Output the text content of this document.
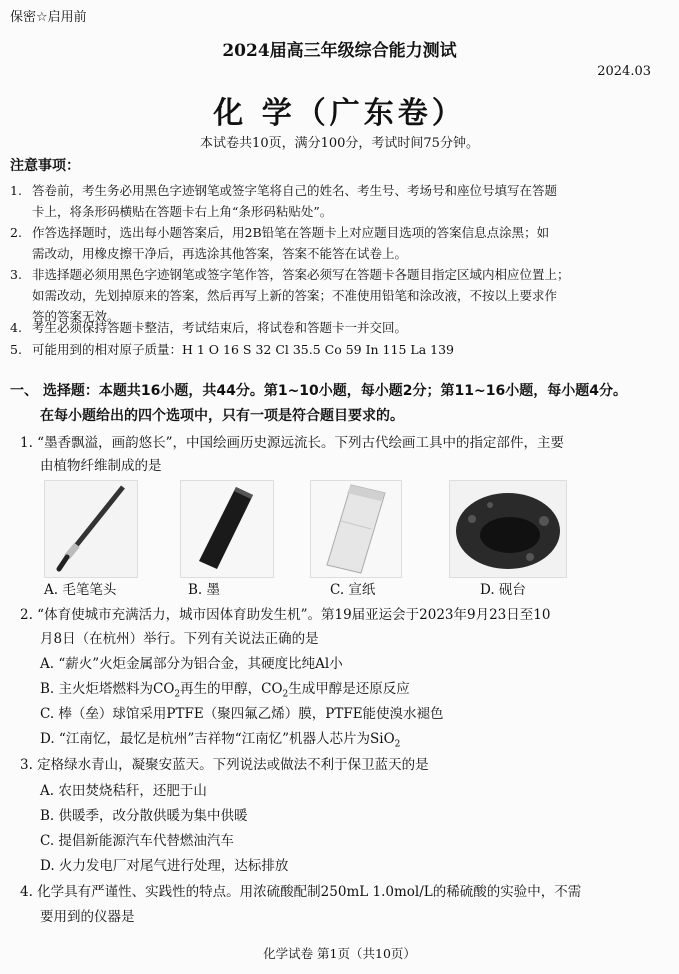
保密☆启用前
2024届高三年级综合能力测试
2024.03
化 学（广东卷）
本试卷共10页，满分100分，考试时间75分钟。
注意事项：
1. 答卷前，考生务必用黑色字迹钢笔或签字笔将自己的姓名、考生号、考场号和座位号填写在答题
卡上，将条形码横贴在答题卡右上角“条形码粘贴处”。
2. 作答选择题时，选出每小题答案后，用2B铅笔在答题卡上对应题目选项的答案信息点涂黑；如
需改动，用橡皮擦干净后，再选涂其他答案，答案不能答在试卷上。
3. 非选择题必须用黑色字迹钢笔或签字笔作答，答案必须写在答题卡各题目指定区域内相应位置上；
如需改动，先划掉原来的答案，然后再写上新的答案；不准使用铅笔和涂改液，不按以上要求作
答的答案无效。
4. 考生必须保持答题卡整洁，考试结束后，将试卷和答题卡一并交回。
5. 可能用到的相对原子质量：H 1 O 16 S 32 Cl 35.5 Co 59 In 115 La 139
一、 选择题：本题共16小题，共44分。第1~10小题，每小题2分；第11~16小题，每小题4分。
在每小题给出的四个选项中，只有一项是符合题目要求的。
1. “墨香飘溢，画韵悠长”，中国绘画历史源远流长。下列古代绘画工具中的指定部件，主要
由植物纤维制成的是
A. 毛笔笔头	B. 墨	C. 宣纸	D. 砚台
2. “体育使城市充满活力，城市因体育助发生机”。第19届亚运会于2023年9月23日至10
月8日（在杭州）举行。下列有关说法正确的是
A. “薪火”火炬金属部分为铝合金，其硬度比纯Al小
B. 主火炬塔燃料为$CO_2$再生的甲醇，$CO_2$生成甲醇是还原反应
C. 棒（垒）球馆采用PTFE（聚四氟乙烯）膜，PTFE能使溴水褪色
D. “江南忆，最忆是杭州”吉祥物“江南忆”机器人芯片为SiO$_2$
3. 定格绿水青山，凝聚安蓝天。下列说法或做法不利于保卫蓝天的是
A. 农田焚烧秸秆，还肥于山
B. 供暖季，改分散供暖为集中供暖
C. 提倡新能源汽车代替燃油汽车
D. 火力发电厂对尾气进行处理，达标排放
4. 化学具有严谨性、实践性的特点。用浓硫酸配制250mL 1.0mol/L的稀硫酸的实验中，不需
要用到的仪器是
化学试卷 第1页（共10页）
